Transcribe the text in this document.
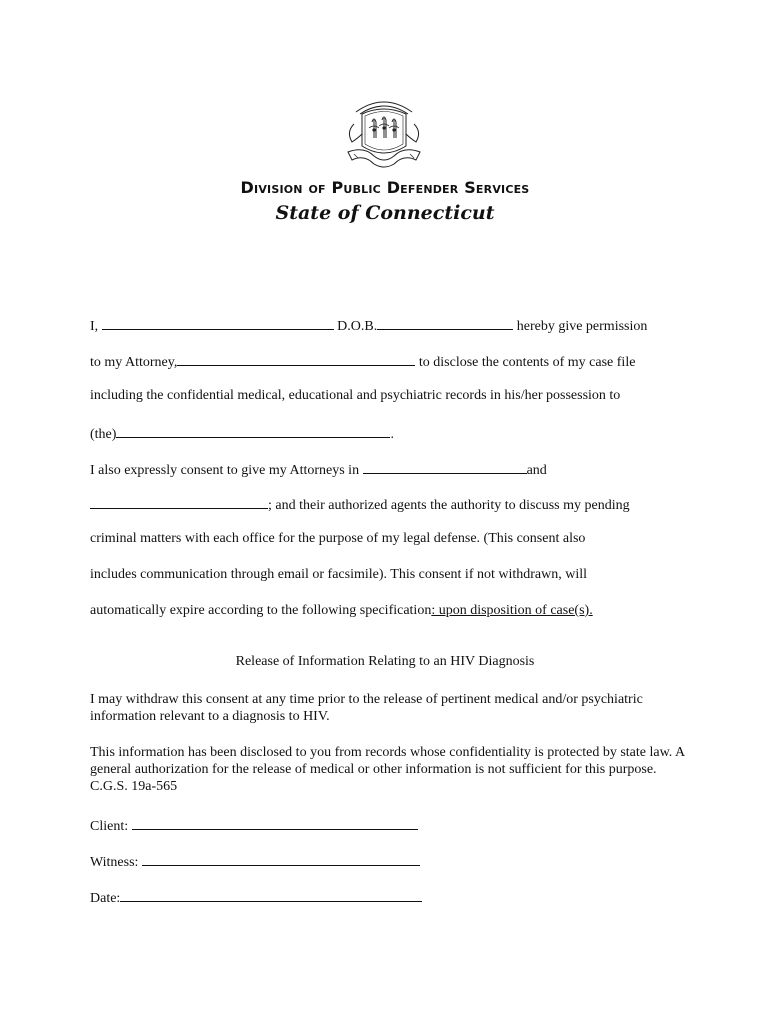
Division of Public Defender Services
State of Connecticut
I,	D.O.B.	hereby give permission
to my Attorney,	to disclose the contents of my case file
including the confidential medical, educational and psychiatric records in his/her possession to
(the)	.
I also expressly consent to give my Attorneys in	and
; and their authorized agents the authority to discuss my pending
criminal matters with each office for the purpose of my legal defense. (This consent also
includes communication through email or facsimile). This consent if not withdrawn, will
automatically expire according to the following specification: upon disposition of case(s).
Release of Information Relating to an HIV Diagnosis
I may withdraw this consent at any time prior to the release of pertinent medical and/or psychiatric information relevant to a diagnosis to HIV.
This information has been disclosed to you from records whose confidentiality is protected by state law. A general authorization for the release of medical or other information is not sufficient for this purpose. C.G.S. 19a-565
Client:
Witness:
Date:
